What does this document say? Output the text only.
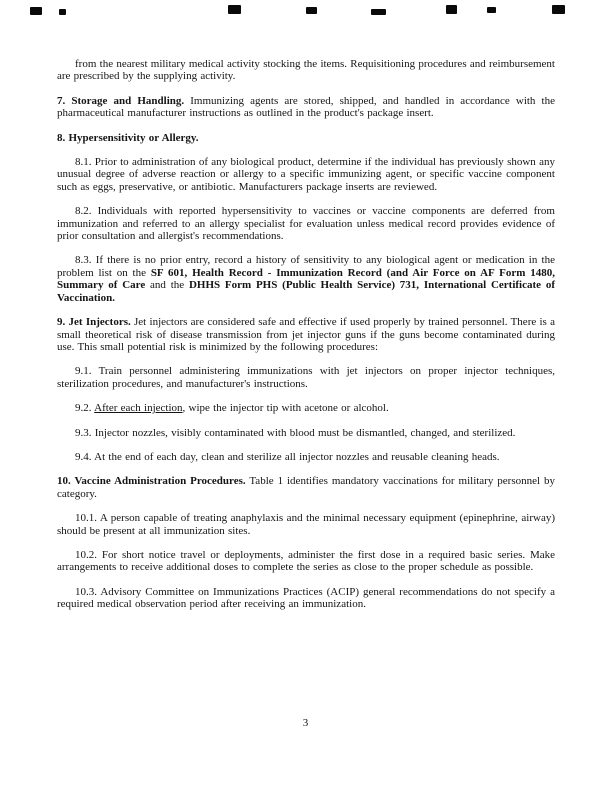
from the nearest military medical activity stocking the items. Requisitioning procedures and reimbursement are prescribed by the supplying activity.

7. Storage and Handling. Immunizing agents are stored, shipped, and handled in accordance with the pharmaceutical manufacturer instructions as outlined in the product's package insert.

8. Hypersensitivity or Allergy.

8.1. Prior to administration of any biological product, determine if the individual has previously shown any unusual degree of adverse reaction or allergy to a specific immunizing agent, or specific vaccine component such as eggs, preservative, or antibiotic. Manufacturers package inserts are reviewed.

8.2. Individuals with reported hypersensitivity to vaccines or vaccine components are deferred from immunization and referred to an allergy specialist for evaluation unless medical record provides evidence of prior consultation and allergist's recommendations.

8.3. If there is no prior entry, record a history of sensitivity to any biological agent or medication in the problem list on the SF 601, Health Record - Immunization Record (and Air Force on AF Form 1480, Summary of Care and the DHHS Form PHS (Public Health Service) 731, International Certificate of Vaccination.

9. Jet Injectors. Jet injectors are considered safe and effective if used properly by trained personnel. There is a small theoretical risk of disease transmission from jet injector guns if the guns become contaminated during use. This small potential risk is minimized by the following procedures:

9.1. Train personnel administering immunizations with jet injectors on proper injector techniques, sterilization procedures, and manufacturer's instructions.

9.2. After each injection, wipe the injector tip with acetone or alcohol.

9.3. Injector nozzles, visibly contaminated with blood must be dismantled, changed, and sterilized.

9.4. At the end of each day, clean and sterilize all injector nozzles and reusable cleaning heads.

10. Vaccine Administration Procedures. Table 1 identifies mandatory vaccinations for military personnel by category.

10.1. A person capable of treating anaphylaxis and the minimal necessary equipment (epinephrine, airway) should be present at all immunization sites.

10.2. For short notice travel or deployments, administer the first dose in a required basic series. Make arrangements to receive additional doses to complete the series as close to the proper schedule as possible.

10.3. Advisory Committee on Immunizations Practices (ACIP) general recommendations do not specify a required medical observation period after receiving an immunization.

3
